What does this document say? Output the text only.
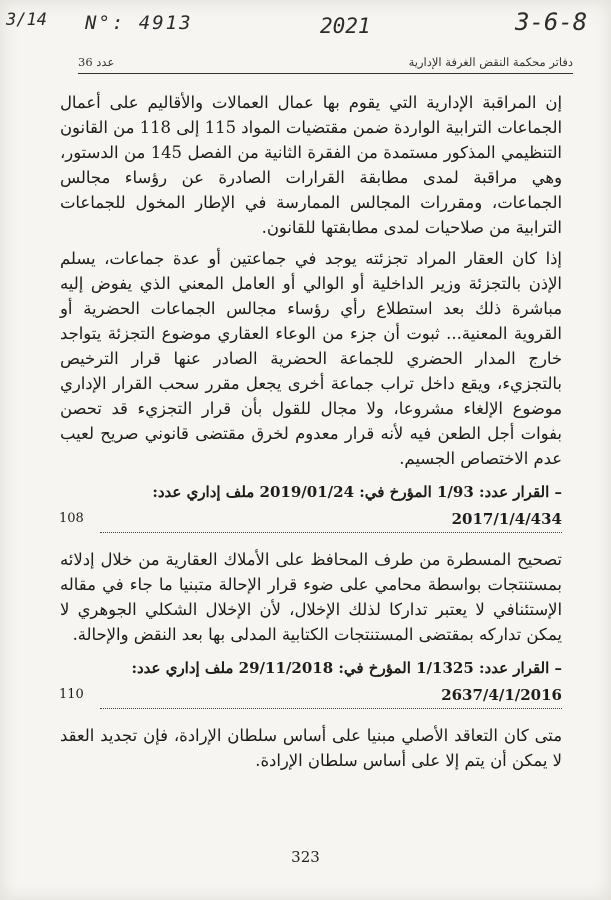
3/14 N°: 4913	2021	3-6-8
دفاتر محكمة النقض الغرفة الإدارية
عدد 36

إن المراقبة الإدارية التي يقوم بها عمال العمالات والأقاليم على أعمال الجماعات الترابية الواردة ضمن مقتضيات المواد 115 إلى 118 من القانون التنظيمي المذكور مستمدة من الفقرة الثانية من الفصل 145 من الدستور، وهي مراقبة لمدى مطابقة القرارات الصادرة عن رؤساء مجالس الجماعات، ومقررات المجالس الممارسة في الإطار المخول للجماعات الترابية من صلاحيات لمدى مطابقتها للقانون.

إذا كان العقار المراد تجزئته يوجد في جماعتين أو عدة جماعات، يسلم الإذن بالتجزئة وزير الداخلية أو الوالي أو العامل المعني الذي يفوض إليه مباشرة ذلك بعد استطلاع رأي رؤساء مجالس الجماعات الحضرية أو القروية المعنية... ثبوت أن جزء من الوعاء العقاري موضوع التجزئة يتواجد خارج المدار الحضري للجماعة الحضرية الصادر عنها قرار الترخيص بالتجزيء، ويقع داخل تراب جماعة أخرى يجعل مقرر سحب القرار الإداري موضوع الإلغاء مشروعا، ولا مجال للقول بأن قرار التجزيء قد تحصن بفوات أجل الطعن فيه لأنه قرار معدوم لخرق مقتضى قانوني صريح لعيب عدم الاختصاص الجسيم.

– القرار عدد: 1/93 المؤرخ في: 2019/01/24 ملف إداري عدد:
2017/1/4/434
108

تصحيح المسطرة من طرف المحافظ على الأملاك العقارية من خلال إدلائه بمستنتجات بواسطة محامي على ضوء قرار الإحالة متبنيا ما جاء في مقاله الإستئنافي لا يعتبر تداركا لذلك الإخلال، لأن الإخلال الشكلي الجوهري لا يمكن تداركه بمقتضى المستنتجات الكتابية المدلى بها بعد النقض والإحالة.

– القرار عدد: 1/1325 المؤرخ في: 29/11/2018 ملف إداري عدد:
2637/4/1/2016
110

متى كان التعاقد الأصلي مبنيا على أساس سلطان الإرادة، فإن تجديد العقد لا يمكن أن يتم إلا على أساس سلطان الإرادة.

323
